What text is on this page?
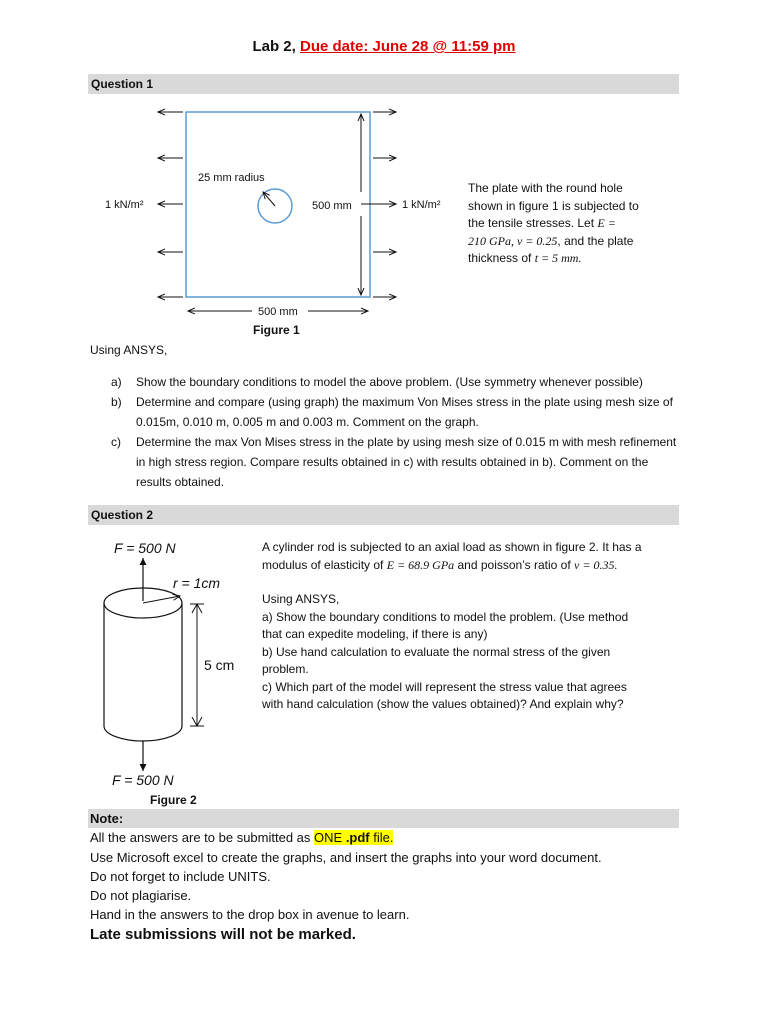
Lab 2, Due date: June 28 @ 11:59 pm
Question 1
1 kN/m²	1 kN/m²
25 mm radius
500 mm
500 mm
Figure 1
The plate with the round hole
shown in figure 1 is subjected to
the tensile stresses. Let E =
210 GPa, v = 0.25, and the plate
thickness of t = 5 mm.
Using ANSYS,
a) Show the boundary conditions to model the above problem. (Use symmetry whenever possible)
b) Determine and compare (using graph) the maximum Von Mises stress in the plate using mesh size of 0.015m, 0.010 m, 0.005 m and 0.003 m. Comment on the graph.
c) Determine the max Von Mises stress in the plate by using mesh size of 0.015 m with mesh refinement in high stress region. Compare results obtained in c) with results obtained in b). Comment on the results obtained.
Question 2
F = 500 N
r = 1cm
5 cm
F = 500 N
Figure 2
A cylinder rod is subjected to an axial load as shown in figure 2. It has a
modulus of elasticity of E = 68.9 GPa and poisson’s ratio of v = 0.35.
Using ANSYS,
a) Show the boundary conditions to model the problem. (Use method
that can expedite modeling, if there is any)
b) Use hand calculation to evaluate the normal stress of the given
problem.
c) Which part of the model will represent the stress value that agrees
with hand calculation (show the values obtained)? And explain why?
Note:
All the answers are to be submitted as ONE .pdf file.
Use Microsoft excel to create the graphs, and insert the graphs into your word document.
Do not forget to include UNITS.
Do not plagiarise.
Hand in the answers to the drop box in avenue to learn.
Late submissions will not be marked.
